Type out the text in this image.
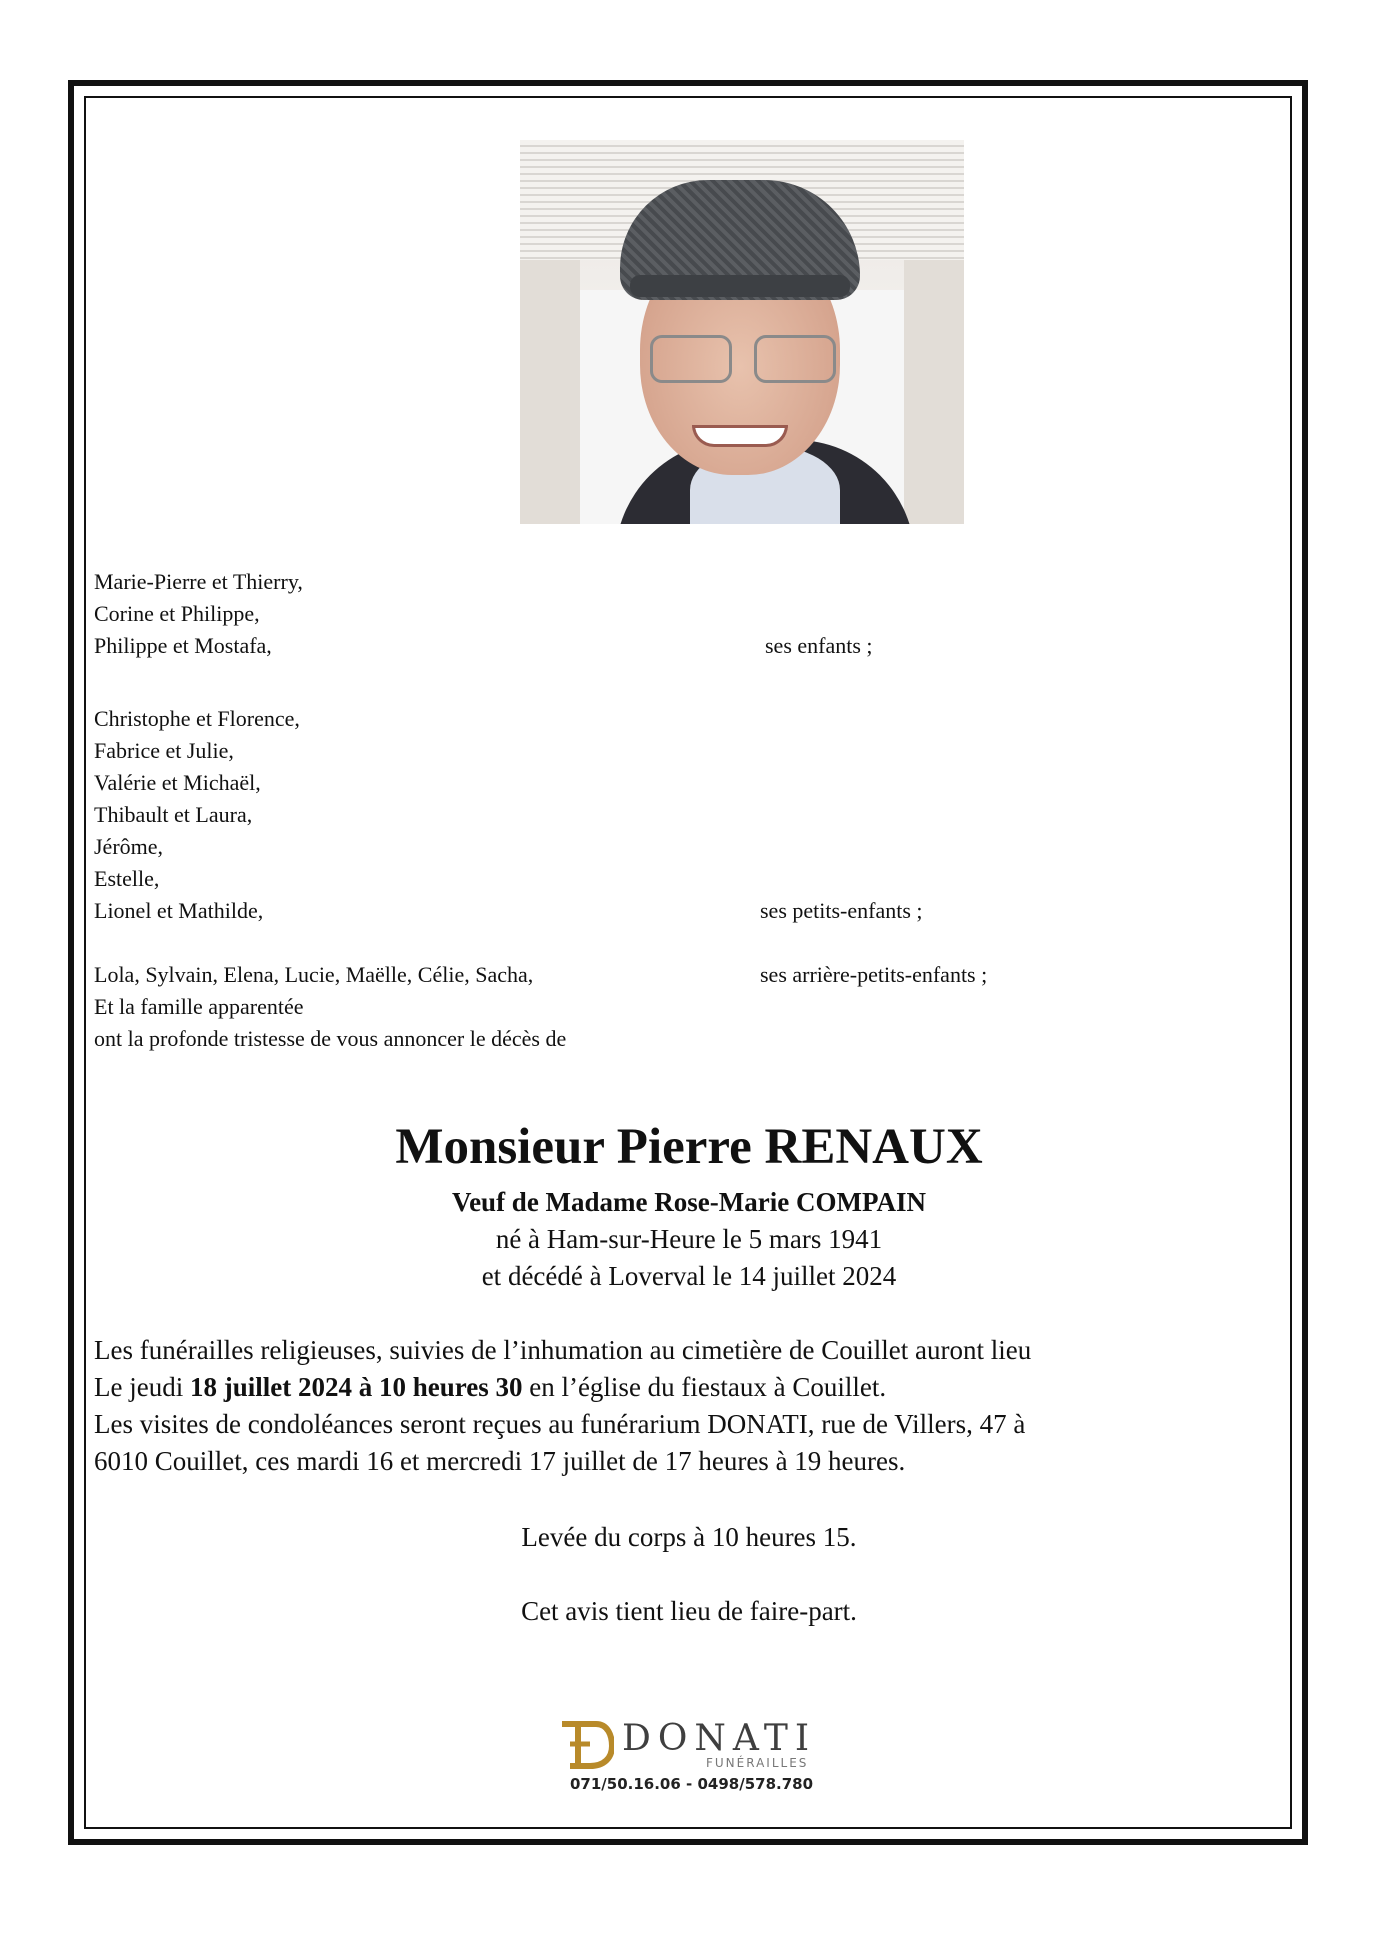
Marie-Pierre et Thierry,
Corine et Philippe,
Philippe et Mostafa,	ses enfants ;
Christophe et Florence,
Fabrice et Julie,
Valérie et Michaël,
Thibault et Laura,
Jérôme,
Estelle,
Lionel et Mathilde,	ses petits-enfants ;
Lola, Sylvain, Elena, Lucie, Maëlle, Célie, Sacha,	ses arrière-petits-enfants ;
Et la famille apparentée
ont la profonde tristesse de vous annoncer le décès de
Monsieur Pierre RENAUX
Veuf de Madame Rose-Marie COMPAIN
né à Ham-sur-Heure le 5 mars 1941
et décédé à Loverval le 14 juillet 2024
Les funérailles religieuses, suivies de l’inhumation au cimetière de Couillet auront lieu
Le jeudi 18 juillet 2024 à 10 heures 30 en l’église du fiestaux à Couillet.
Les visites de condoléances seront reçues au funérarium DONATI, rue de Villers, 47 à
6010 Couillet, ces mardi 16 et mercredi 17 juillet de 17 heures à 19 heures.
Levée du corps à 10 heures 15.
Cet avis tient lieu de faire-part.
DONATI
FUNÉRAILLES
071/50.16.06 - 0498/578.780
